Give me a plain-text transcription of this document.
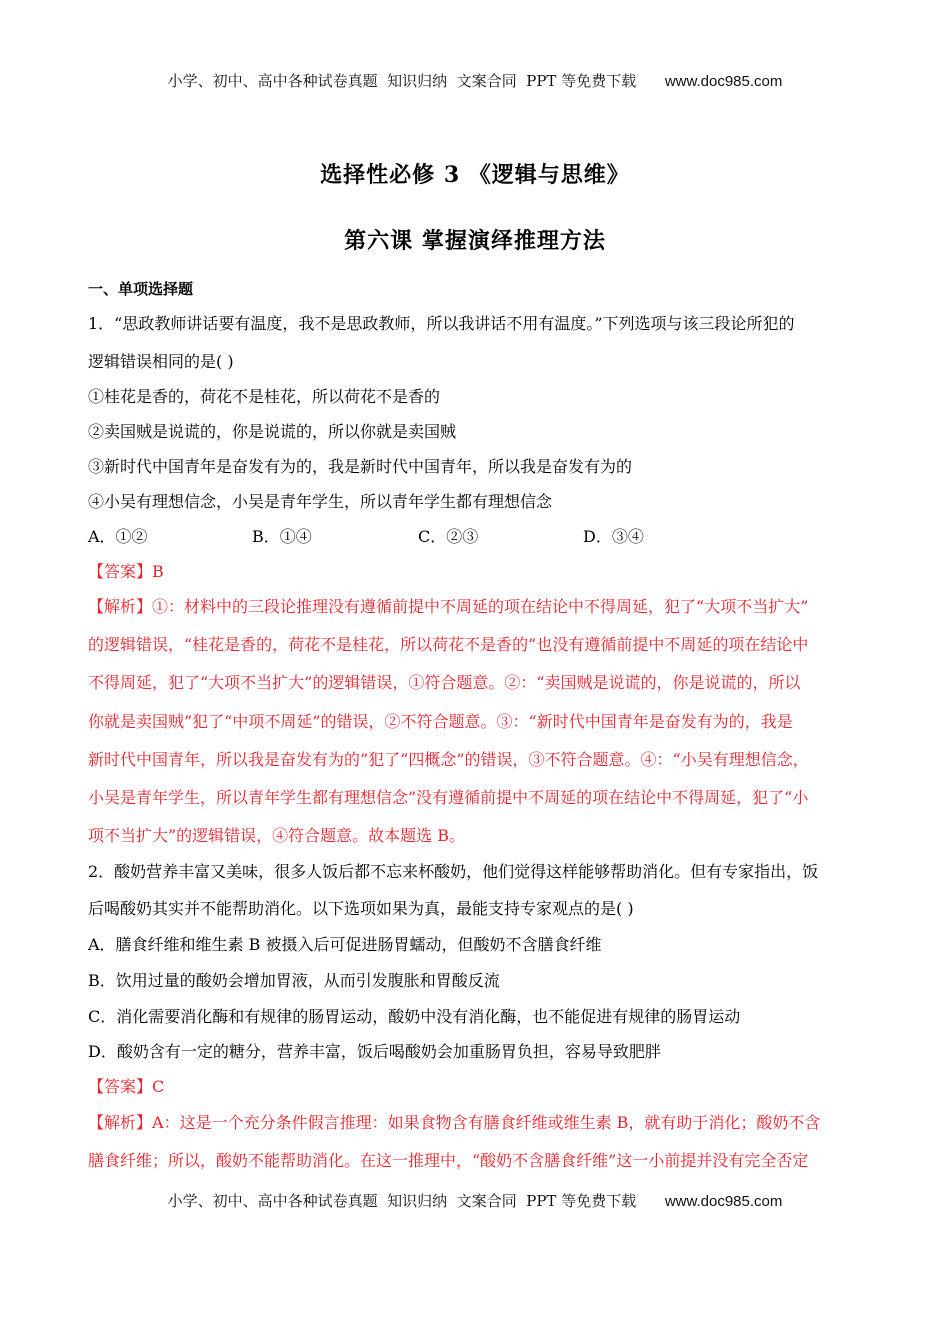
小学、初中、高中各种试卷真题  知识归纳  文案合同  PPT 等免费下载 www.doc985.com
选择性必修 3 《逻辑与思维》
第六课 掌握演绎推理方法
一、单项选择题
1．“思政教师讲话要有温度，我不是思政教师，所以我讲话不用有温度。”下列选项与该三段论所犯的
逻辑错误相同的是( )
①桂花是香的，荷花不是桂花，所以荷花不是香的
②卖国贼是说谎的，你是说谎的，所以你就是卖国贼
③新时代中国青年是奋发有为的，我是新时代中国青年，所以我是奋发有为的
④小吴有理想信念，小吴是青年学生，所以青年学生都有理想信念
A．①②	B．①④	C．②③	D．③④
【答案】B
【解析】①：材料中的三段论推理没有遵循前提中不周延的项在结论中不得周延，犯了“大项不当扩大”
的逻辑错误，“桂花是香的，荷花不是桂花，所以荷花不是香的”也没有遵循前提中不周延的项在结论中
不得周延，犯了“大项不当扩大”的逻辑错误，①符合题意。②：“卖国贼是说谎的，你是说谎的，所以
你就是卖国贼”犯了“中项不周延”的错误，②不符合题意。③：“新时代中国青年是奋发有为的，我是
新时代中国青年，所以我是奋发有为的”犯了“四概念”的错误，③不符合题意。④：“小吴有理想信念，
小吴是青年学生，所以青年学生都有理想信念”没有遵循前提中不周延的项在结论中不得周延，犯了“小
项不当扩大”的逻辑错误，④符合题意。故本题选 B。
2．酸奶营养丰富又美味，很多人饭后都不忘来杯酸奶，他们觉得这样能够帮助消化。但有专家指出，饭
后喝酸奶其实并不能帮助消化。以下选项如果为真，最能支持专家观点的是( )
A．膳食纤维和维生素 B 被摄入后可促进肠胃蠕动，但酸奶不含膳食纤维
B．饮用过量的酸奶会增加胃液，从而引发腹胀和胃酸反流
C．消化需要消化酶和有规律的肠胃运动，酸奶中没有消化酶，也不能促进有规律的肠胃运动
D．酸奶含有一定的糖分，营养丰富，饭后喝酸奶会加重肠胃负担，容易导致肥胖
【答案】C
【解析】A：这是一个充分条件假言推理：如果食物含有膳食纤维或维生素 B，就有助于消化；酸奶不含
膳食纤维；所以，酸奶不能帮助消化。在这一推理中，“酸奶不含膳食纤维”这一小前提并没有完全否定
小学、初中、高中各种试卷真题  知识归纳  文案合同  PPT 等免费下载 www.doc985.com
